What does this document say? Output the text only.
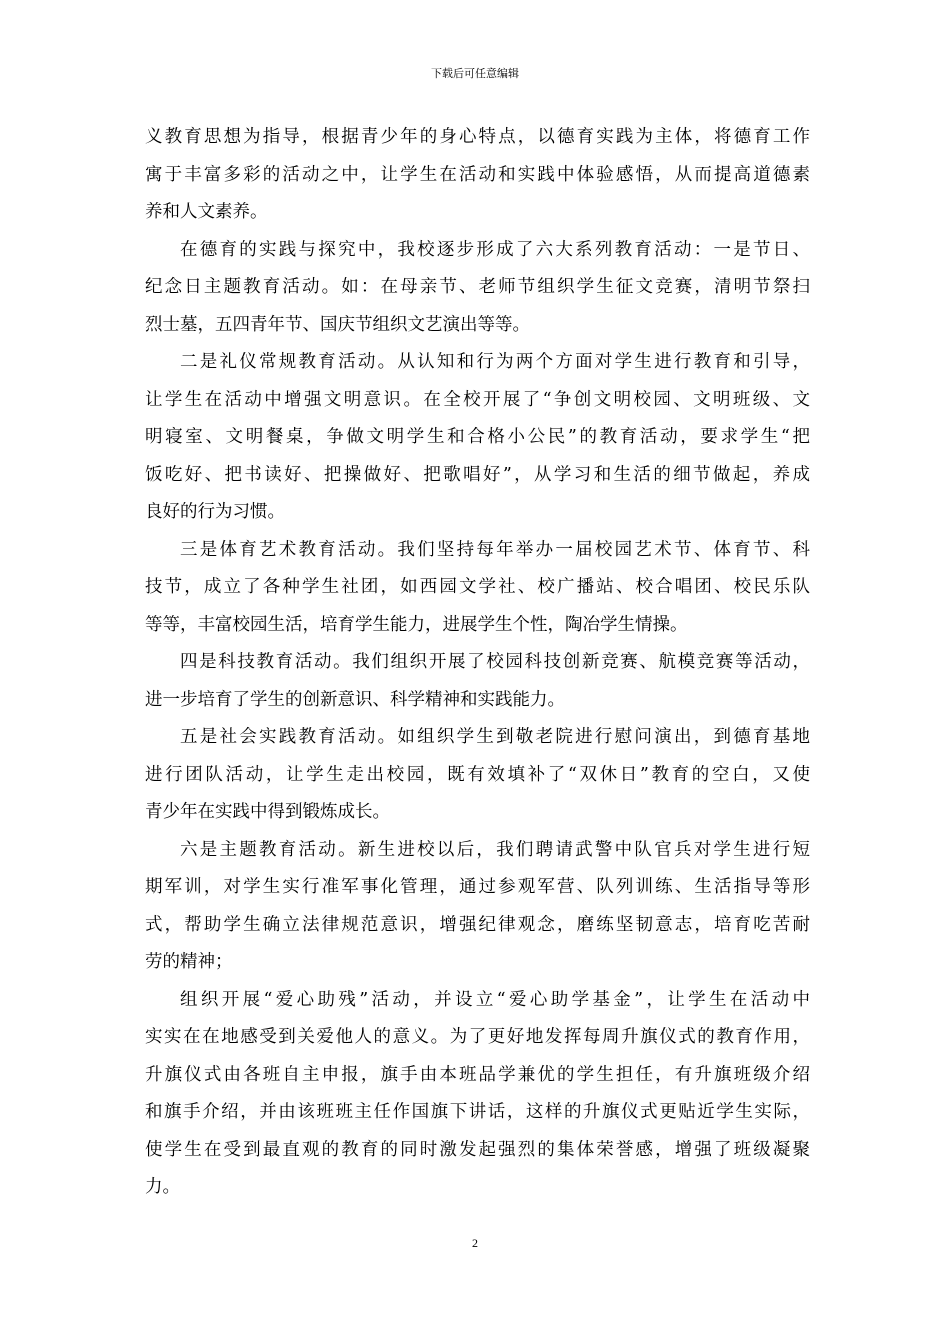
下载后可任意编辑

义教育思想为指导，根据青少年的身心特点，以德育实践为主体，将德育工作
寓于丰富多彩的活动之中，让学生在活动和实践中体验感悟，从而提高道德素
养和人文素养。

在德育的实践与探究中，我校逐步形成了六大系列教育活动：一是节日、
纪念日主题教育活动。如：在母亲节、老师节组织学生征文竞赛，清明节祭扫
烈士墓，五四青年节、国庆节组织文艺演出等等。

二是礼仪常规教育活动。从认知和行为两个方面对学生进行教育和引导，
让学生在活动中增强文明意识。在全校开展了“争创文明校园、文明班级、文
明寝室、文明餐桌，争做文明学生和合格小公民”的教育活动，要求学生“把
饭吃好、把书读好、把操做好、把歌唱好”，从学习和生活的细节做起，养成
良好的行为习惯。

三是体育艺术教育活动。我们坚持每年举办一届校园艺术节、体育节、科
技节，成立了各种学生社团，如西园文学社、校广播站、校合唱团、校民乐队
等等，丰富校园生活，培育学生能力，进展学生个性，陶冶学生情操。

四是科技教育活动。我们组织开展了校园科技创新竞赛、航模竞赛等活动，
进一步培育了学生的创新意识、科学精神和实践能力。

五是社会实践教育活动。如组织学生到敬老院进行慰问演出，到德育基地
进行团队活动，让学生走出校园，既有效填补了“双休日”教育的空白，又使
青少年在实践中得到锻炼成长。

六是主题教育活动。新生进校以后，我们聘请武警中队官兵对学生进行短
期军训，对学生实行准军事化管理，通过参观军营、队列训练、生活指导等形
式，帮助学生确立法律规范意识，增强纪律观念，磨练坚韧意志，培育吃苦耐
劳的精神；

组织开展“爱心助残”活动，并设立“爱心助学基金”，让学生在活动中
实实在在地感受到关爱他人的意义。为了更好地发挥每周升旗仪式的教育作用，
升旗仪式由各班自主申报，旗手由本班品学兼优的学生担任，有升旗班级介绍
和旗手介绍，并由该班班主任作国旗下讲话，这样的升旗仪式更贴近学生实际，
使学生在受到最直观的教育的同时激发起强烈的集体荣誉感，增强了班级凝聚
力。

2
